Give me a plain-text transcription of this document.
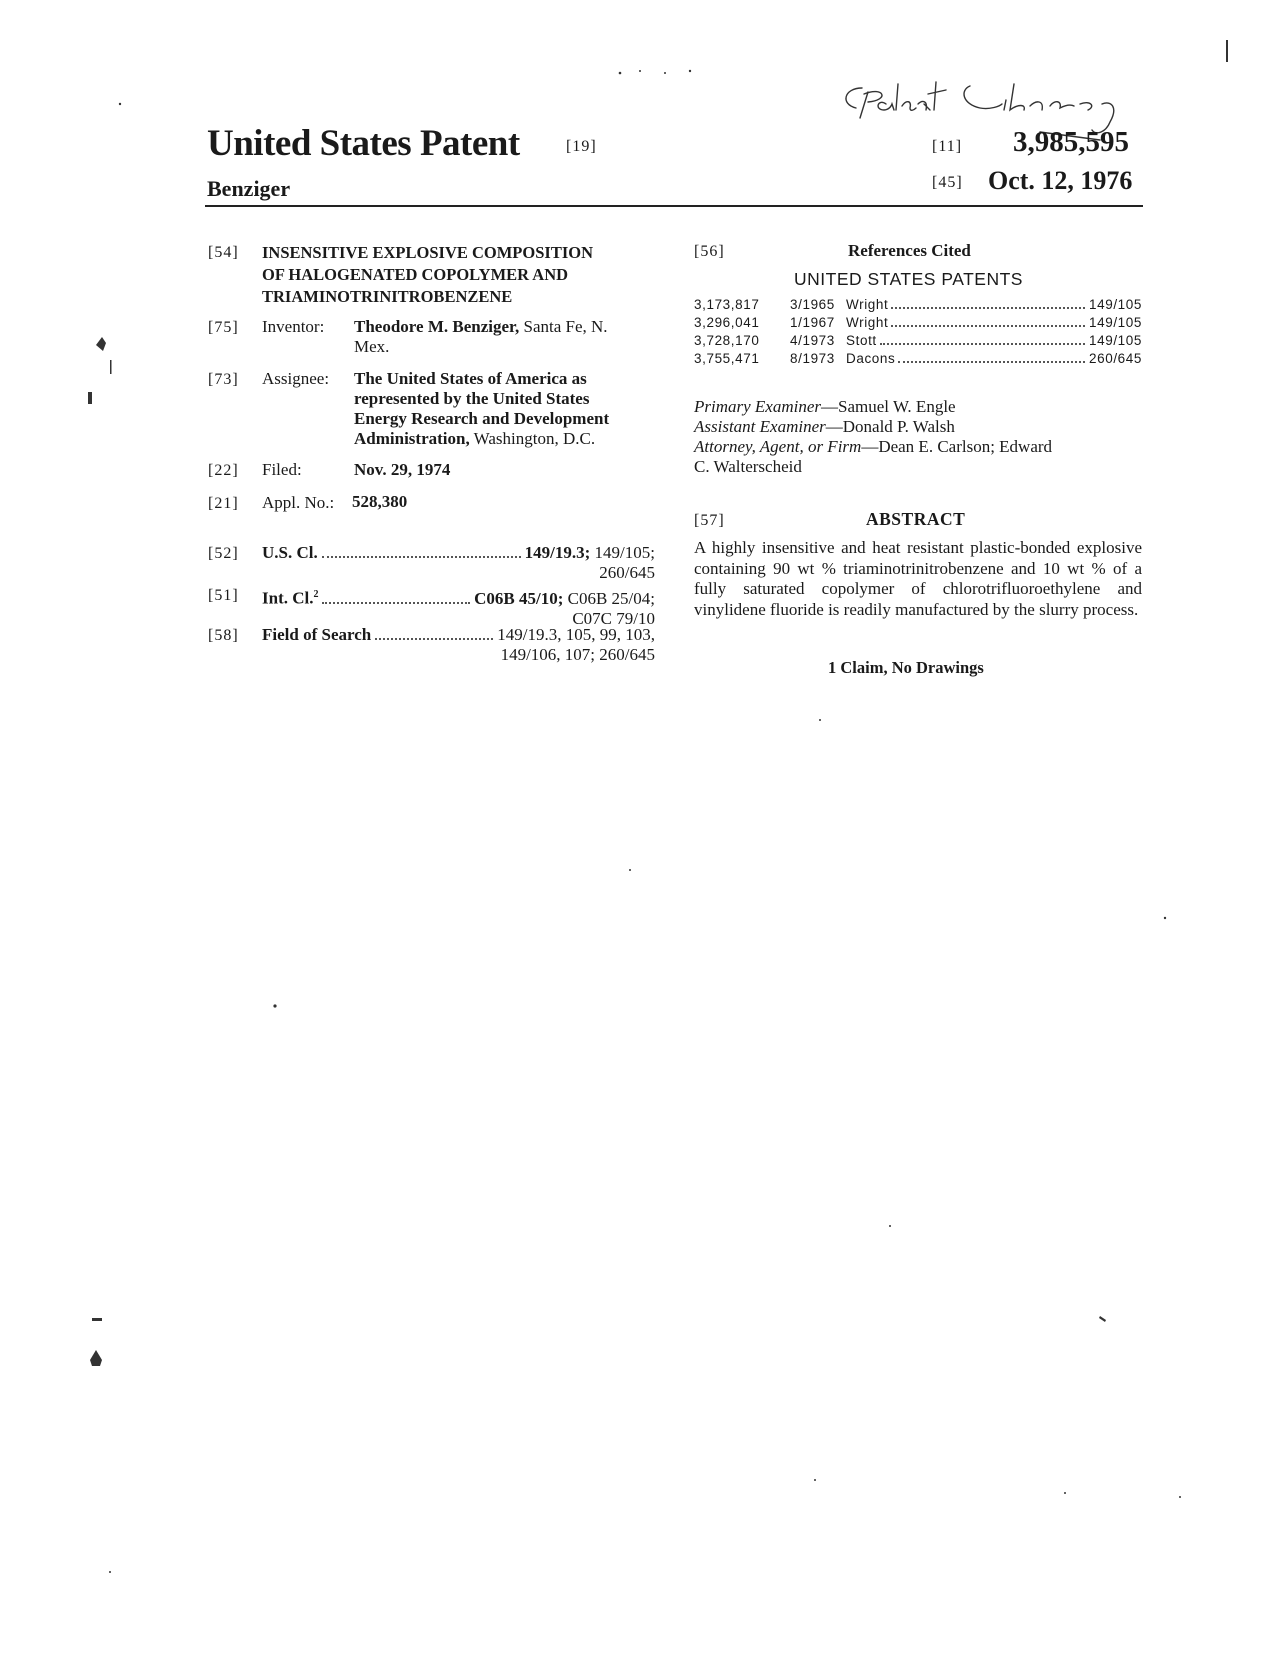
United States Patent	[19]
Benziger
[11] 3,985,595
[45] Oct. 12, 1976
[54] INSENSITIVE EXPLOSIVE COMPOSITION
OF HALOGENATED COPOLYMER AND
TRIAMINOTRINITROBENZENE
[75] Inventor: Theodore M. Benziger, Santa Fe, N.
Mex.
[73] Assignee: The United States of America as
represented by the United States
Energy Research and Development
Administration, Washington, D.C.
[22] Filed:	Nov. 29, 1974
[21] Appl. No.: 528,380
[52] U.S. Cl.	149/19.3; 149/105;
260/645
[51] Int. Cl.$^2$	C06B 45/10; C06B 25/04;
C07C 79/10
[58] Field of Search	149/19.3, 105, 99, 103,
149/106, 107; 260/645
[56]	References Cited
UNITED STATES PATENTS
3,173,817	3/1965 Wright	149/105
3,296,041	1/1967 Wright	149/105
3,728,170	4/1973 Stott	149/105
3,755,471	8/1973 Dacons	260/645
Primary Examiner—Samuel W. Engle
Assistant Examiner—Donald P. Walsh
Attorney, Agent, or Firm—Dean E. Carlson; Edward
C. Walterscheid
[57]	ABSTRACT
A highly insensitive and heat resistant plastic-bonded explosive containing 90 wt % triaminotrinitrobenzene and 10 wt % of a fully saturated copolymer of chlorotrifluoroethylene and vinylidene fluoride is readily manufactured by the slurry process.
1 Claim, No Drawings
